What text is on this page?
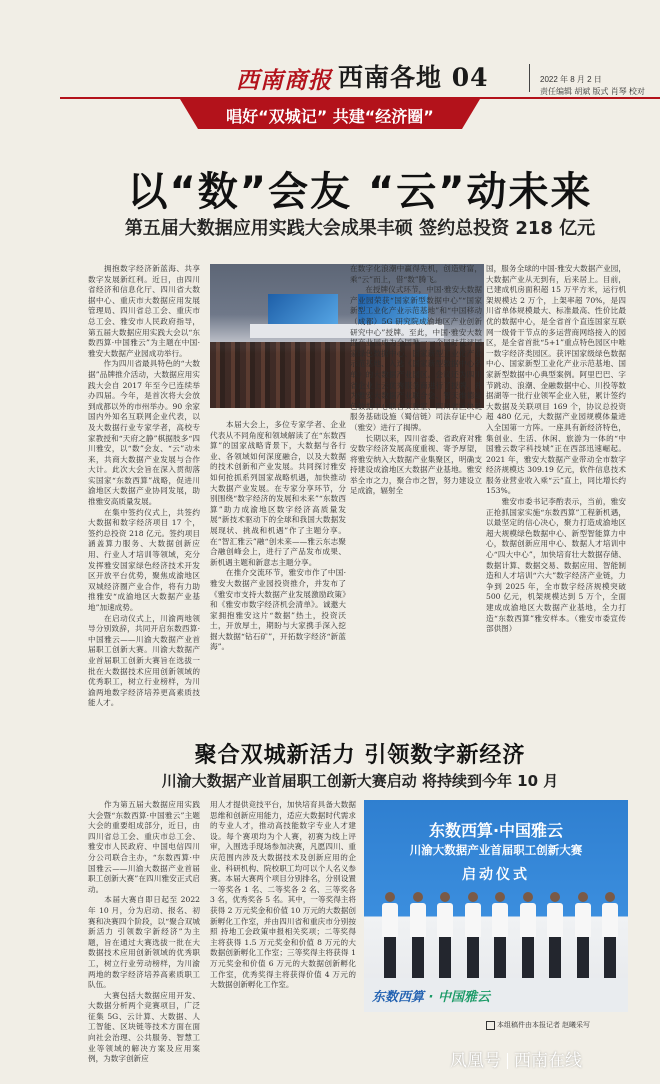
西南商报 西南各地 04	2022 年 8 月 2 日
责任编辑 胡斌 版式 肖琴 校对
唱好“双城记” 共建“经济圈”
以“数”会友 “云”动未来
第五届大数据应用实践大会成果丰硕 签约总投资 218 亿元
　　拥抱数字经济新蓝海、共享数字发展新红利。近日，由四川省经济和信息化厅、四川省大数据中心、重庆市大数据应用发展管理局、四川省总工会、重庆市总工会、雅安市人民政府指导，第五届大数据应用实践大会以“东数西算·中国雅云”为主题在中国·雅安大数据产业园成功举行。
　　作为四川省最具特色的“大数据”品牌推介活动，大数据应用实践大会自 2017 年至今已连续举办四届。今年，是首次将大会放到成都以外的市州举办。90 余家国内外知名互联网企业代表，以及大数据行业专家学者，高校专家教授和“天府之静”棋据肢多“四川雅安，以“数”会友、“云”动未来，共商大数据产业发展与合作大计。此次大会旨在深入贯彻落实国家“东数西算”战略，促进川渝地区大数据产业协同发展，助推雅安高质量发展。
　　在集中签约仪式上，共签约大数据和数字经济项目 17 个，签约总投资 218 亿元。签约项目涵盖算力服务、大数据创新应用、行业人才培训等领域，充分发挥雅安国家绿色经济技术开发区开放平台优势，聚焦成渝地区双城经济圈产业合作，将有力助推雅安“成渝地区大数据产业基地”加速成势。
　　在启动仪式上，川渝两地领导分别致辞，共同开启东数西算·中国雅云——川渝大数据产业首届职工创新大赛。川渝大数据产业首届职工创新大赛旨在选拔一批在大数据技术应用创新领域的优秀职工，树立行业榜样，为川渝两地数字经济培养更高素质技能人才。
　　本届大会上，多位专家学者、企业代表从不同角度和领域解读了在“东数西算”的国家战略背景下，大数据与各行业、各领域如何深度融合，以及大数据的技术创新和产业发展。共同探讨雅安如何抢抓系列国家战略机遇，加快推动大数据产业发展。在专家分享环节，分别围绕“数字经济的发展和未来”“东数西算”助力成渝地区数字经济高质量发展“新技术驱动下的全球和我国大数据发展现状、挑战和机遇”作了主题分享。在“智汇雅云”融“创未来——雅云东志聚合融创峰会上，进行了产品发布成果、新机遇主题和新意志主题分享。
　　在推介交流环节，雅安市作了中国·雅安大数据产业园投资推介，并发布了《雅安市支持大数据产业发展激励政策》和《雅安市数字经济机会清单》。诚邀大家拥抱雅安这片“数据”热土，投资沃土，开放厚土，期盼与大家携手深入挖掘大数据“钻石矿”，开拓数字经济“新蓝海”。
在数字化浪潮中赢得先机，创造财富，乘“云”而上，借“数”腾飞。
　　在授牌仪式环节，中国·雅安大数据产业园荣获“国家新型数据中心”“国家新型工业化产业示范基地”和“中国移动（成都）5G 研究院成渝地区产业创新研究中心”授牌。至此，中国·雅安大数据产业园成为全国唯一一个同时获评国家绿色数据中心、国家新型工业化产业示范基地、入选《国家新型数据中心名单》的大数据产业园区。会议还为四川省企业上云优秀服务商进行了授牌，并为雅安大数据产业联合会、智天维德绿色数据中心联合实验室、四川省区块链服务基础设施（蜀信链）司法存证中心（雅安）进行了揭牌。
　　长期以来，四川省委、省政府对雅安数字经济发展高度重视、寄予厚望，将雅安纳入大数据产业集聚区，明确支持建设成渝地区大数据产业基地。雅安举全市之力，聚合市之智，努力建设立足成渝，辐射全
国，服务全球的中国·雅安大数据产业园，大数据产业从无到有，后来居上。目前，已建成机房面积超 15 万平方米，运行机架规模达 2 万个，上架率超 70%，是四川省单体规模最大、标准最高、性价比最优的数据中心，是全省首个直连国家互联网一级骨干节点的多运营商网络接入的园区，是全省首批“5+1”重点特色园区中唯一数字经济类园区。获评国家级绿色数据中心、国家新型工业化产业示范基地、国家新型数据中心典型案例。阿里巴巴、字节跳动、浪潮、金融数据中心、川投等数据湖等一批行业领军企业入驻，累计签约大数据及关联项目 169 个，协议总投资超 480 亿元，大数据产业园规模体量进入全国第一方阵。一座具有新经济特色，集创业、生活、休闲、旅游为一体的“中国雅云数字科技城”正在西部迅速崛起。2021 年，雅安大数据产业带动全市数字经济规模达 309.19 亿元，软件信息技术服务业营业收入乘“云”直上，同比增长约 153%。
　　雅安市委书记李酌表示，当前，雅安正抢抓国家实施“东数西算”工程新机遇，以最坚定的信心决心，聚力打造成渝地区超大规模绿色数据中心、新型智能算力中心，数据创新应用中心、数据人才培训中心“四大中心”，加快培育壮大数据存储、数据计算、数据交易、数据应用、智能制造和人才培训“六大”数字经济产业链，力争到 2025 年，全市数字经济规模突破 500 亿元，机架规模达到 5 万个，全面建成成渝地区大数据产业基地，全力打造“东数西算”雅安样本。（雅安市委宣传部供图）
聚合双城新活力 引领数字新经济
川渝大数据产业首届职工创新大赛启动 将持续到今年 10 月
　　作为第五届大数据应用实践大会暨“东数西算·中国雅云”主题大会的重要组成部分，近日，由四川省总工会、重庆市总工会、雅安市人民政府、中国电信四川分公司联合主办，“东数西算·中国雅云——川渝大数据产业首届职工创新大赛”在四川雅安正式启动。
　　本届大赛自即日起至 2022 年 10 月，分为启动、报名、初赛和决赛四个阶段，以“聚合双城新活力 引领数字新经济”为主题，旨在通过大赛选拔一批在大数据技术应用创新领域的优秀职工，树立行业劳动榜样，为川渝两地的数字经济培养高素质职工队伍。
　　大赛包括大数据应用开发、大数据分析两个竞赛项目，广泛征集 5G、云计算、大数据、人工智能、区块链等技术方面在面向社会治理、公共服务、智慧工业等领域的解决方案及应用案例，为数字创新应
用人才提供竞技平台，加快培育具备大数据思维和创新应用能力，适应大数据时代需求的专业人才，推动高技能数字专业人才建设。每个赛项均为个人赛，初赛为线上评审，入围选手现场参加决赛，凡愿四川、重庆范围内涉及大数据技术及创新应用的企业、科研机构、院校职工均可以个人名义参赛。本届大赛两个项目分别排名，分别设置一等奖各 1 名、二等奖各 2 名、三等奖各 3 名，优秀奖各 5 名。其中，一等奖得主将获得 2 万元奖金和价值 10 万元的大数据创新孵化工作室，并由四川省和重庆市分别按照 持地工会政策申报相关奖项；二等奖得主将获得 1.5 万元奖金和价值 8 万元的大数据创新孵化工作室；三等奖得主将获得 1 万元奖金和价值 6 万元的大数据创新孵化工作室，优秀奖得主将获得价值 4 万元的大数据创新孵化工作室。
东数西算·中国雅云
川渝大数据产业首届职工创新大赛
启动仪式
东数西算 · 中国雅云
本组稿件由本报记者 赵曦采写
凤凰号 西南在线
